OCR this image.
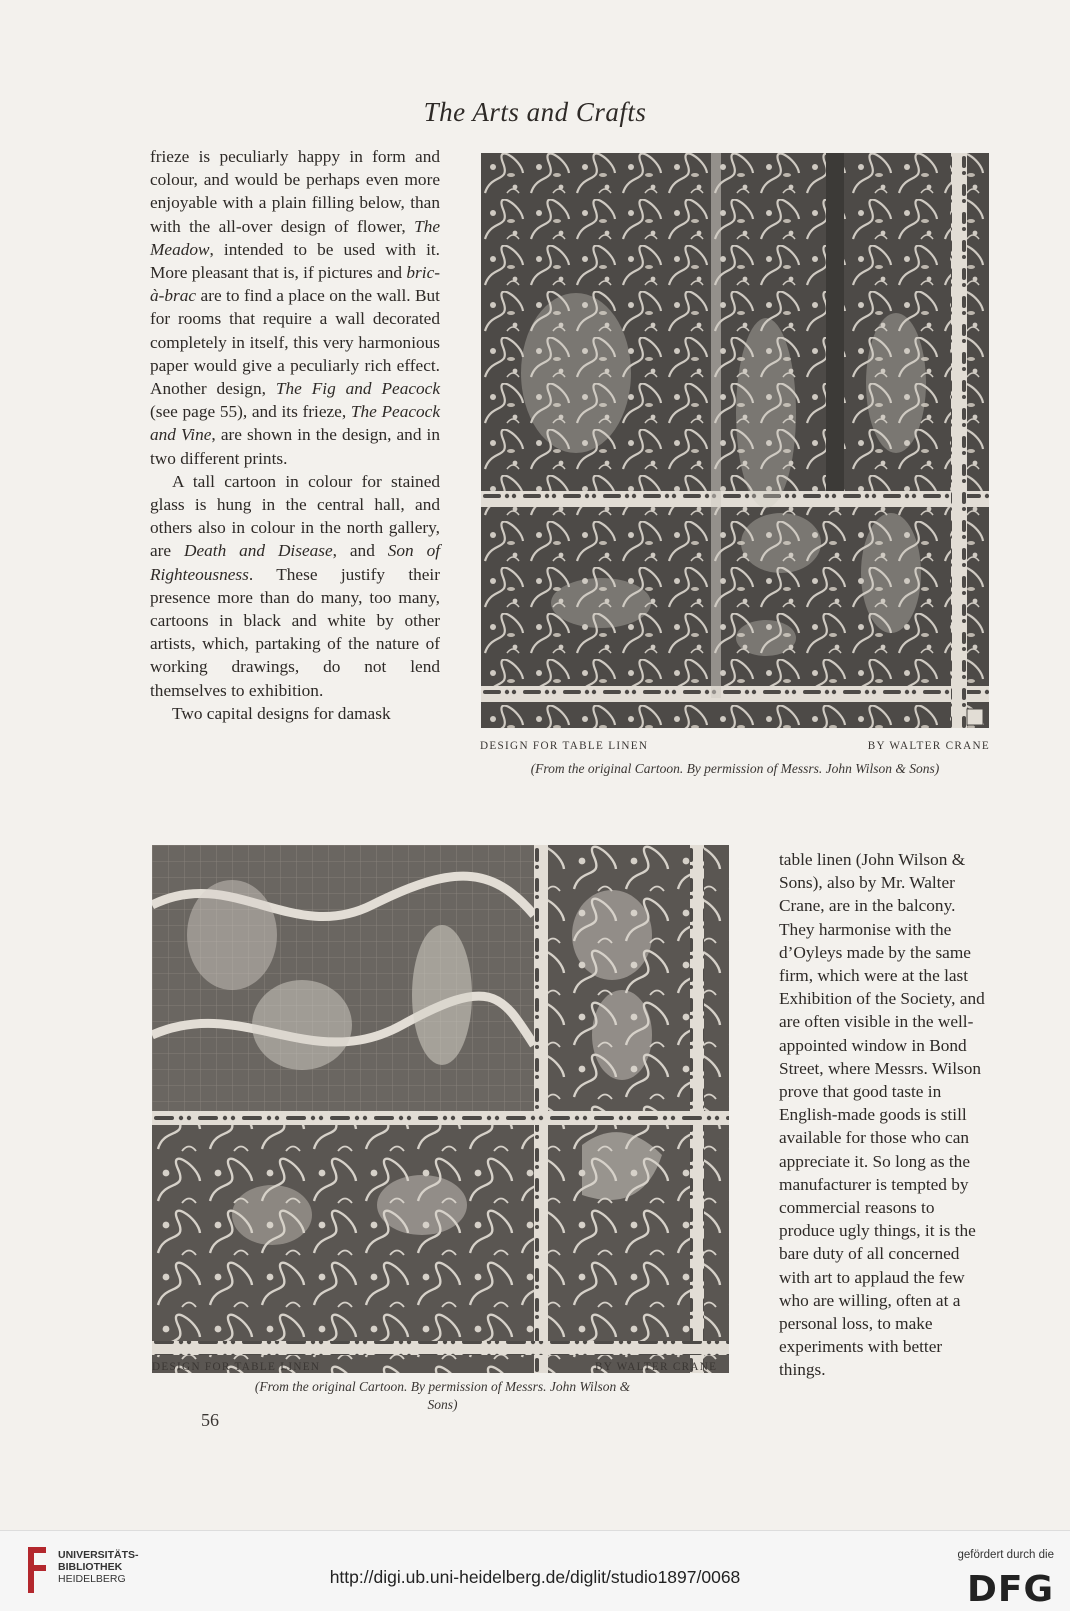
The Arts and Crafts

frieze is peculiarly happy in form and colour, and would be perhaps even more enjoyable with a plain filling below, than with the all-over design of flower, The Meadow, intended to be used with it. More pleasant that is, if pictures and bric-à-brac are to find a place on the wall. But for rooms that require a wall decorated completely in itself, this very harmonious paper would give a peculiarly rich effect. Another design, The Fig and Peacock (see page 55), and its frieze, The Peacock and Vine, are shown in the design, and in two different prints.

A tall cartoon in colour for stained glass is hung in the central hall, and others also in colour in the north gallery, are Death and Disease, and Son of Righteousness. These justify their presence more than do many, too many, cartoons in black and white by other artists, which, partaking of the nature of working drawings, do not lend themselves to exhibition.

Two capital designs for damask

DESIGN FOR TABLE LINEN	BY WALTER CRANE
(From the original Cartoon. By permission of Messrs. John Wilson & Sons)
DESIGN FOR TABLE LINEN	BY WALTER CRANE
(From the original Cartoon. By permission of Messrs. John Wilson & Sons)

table linen (John Wilson & Sons), also by Mr. Walter Crane, are in the balcony. They harmonise with the d’Oyleys made by the same firm, which were at the last Exhibition of the Society, and are often visible in the well-appointed window in Bond Street, where Messrs. Wilson prove that good taste in English-made goods is still available for those who can appreciate it. So long as the manufacturer is tempted by commercial reasons to produce ugly things, it is the bare duty of all concerned with art to applaud the few who are willing, often at a personal loss, to make experiments with better things.

56
UNIVERSITÄTS-
BIBLIOTHEK
HEIDELBERG	http://digi.ub.uni-heidelberg.de/diglit/studio1897/0068
gefördert durch die
DFG
